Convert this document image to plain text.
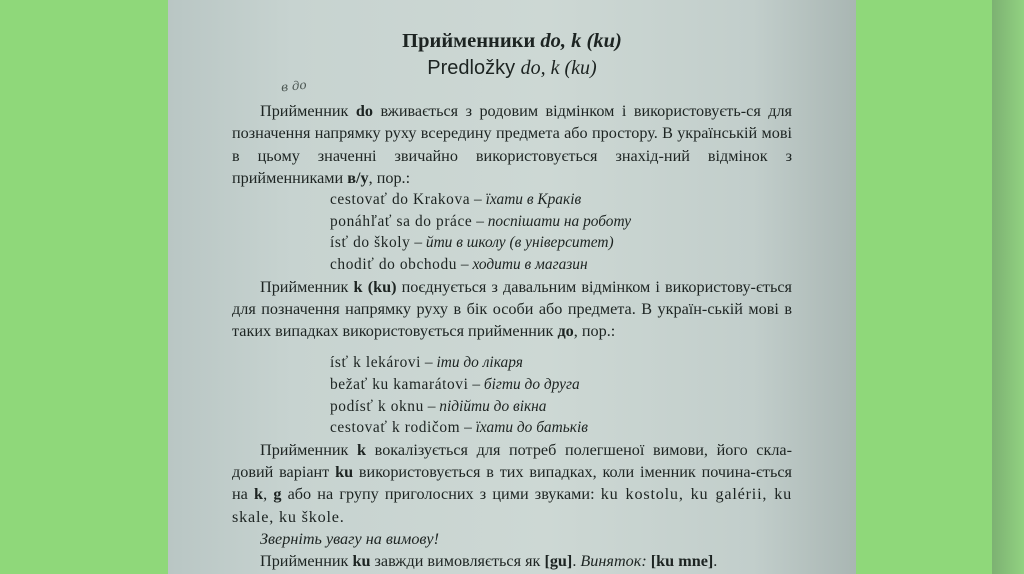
в до
Прийменники do, k (ku)
Predložky do, k (ku)

Прийменник do вживається з родовим відмінком і використовуєть-ся для позначення напрямку руху всередину предмета або простору. В українській мові в цьому значенні звичайно використовується знахід-ний відмінок з прийменниками в/у, пор.:

cestovať do Krakova – їхати в Краків
ponáhľať sa do práce – поспішати на роботу
ísť do školy – йти в школу (в університет)
chodiť do obchodu – ходити в магазин

Прийменник k (ku) поєднується з давальним відмінком і використову-ється для позначення напрямку руху в бік особи або предмета. В україн-ській мові в таких випадках використовується прийменник до, пор.:

ísť k lekárovi – іти до лікаря
bežať ku kamarátovi – бігти до друга
podísť k oknu – підійти до вікна
cestovať k rodičom – їхати до батьків

Прийменник k вокалізується для потреб полегшеної вимови, його скла-довий варіант ku використовується в тих випадках, коли іменник почина-ється на k, g або на групу приголосних з цими звуками: ku kostolu, ku galérii, ku skale, ku škole.

Зверніть увагу на вимову!

Прийменник ku завжди вимовляється як [gu]. Виняток: [ku mne].
